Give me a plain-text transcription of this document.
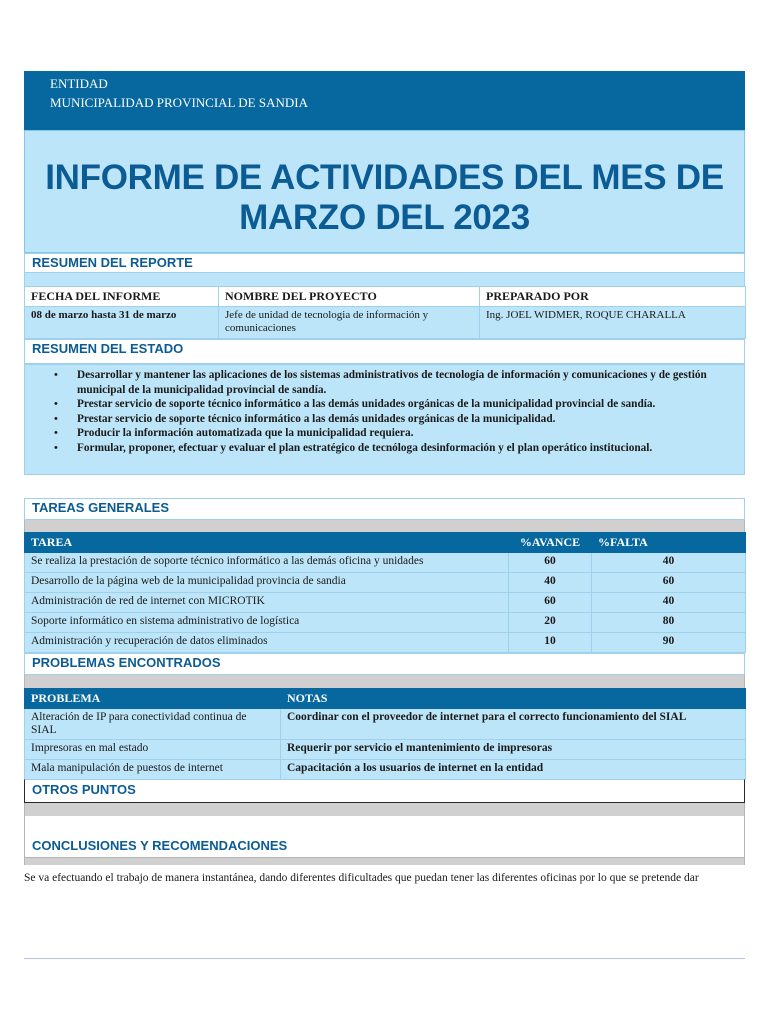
ENTIDAD
MUNICIPALIDAD PROVINCIAL DE SANDIA
INFORME DE ACTIVIDADES DEL MES DE
MARZO DEL 2023
RESUMEN DEL REPORTE
FECHA DEL INFORME	NOMBRE DEL PROYECTO	PREPARADO POR
08 de marzo hasta 31 de marzo	Jefe de unidad de tecnologia de información y comunicaciones	Ing. JOEL WIDMER, ROQUE CHARALLA
RESUMEN DEL ESTADO
• Desarrollar y mantener las aplicaciones de los sistemas administrativos de tecnología de información y comunicaciones y de gestión municipal de la municipalidad provincial de sandía.
• Prestar servicio de soporte técnico informático a las demás unidades orgánicas de la municipalidad provincial de sandía.
• Prestar servicio de soporte técnico informático a las demás unidades orgánicas de la municipalidad.
• Producir la información automatizada que la municipalidad requiera.
• Formular, proponer, efectuar y evaluar el plan estratégico de tecnóloga desinformación y el plan operático institucional.
TAREAS GENERALES
TAREA	%AVANCE	%FALTA
Se realiza la prestación de soporte técnico informático a las demás oficina y unidades	60	40
Desarrollo de la página web de la municipalidad provincia de sandia	40	60
Administración de red de internet con MICROTIK	60	40
Soporte informático en sistema administrativo de logística	20	80
Administración y recuperación de datos eliminados	10	90
PROBLEMAS ENCONTRADOS
PROBLEMA	NOTAS
Alteración de IP para conectividad continua de SIAL	Coordinar con el proveedor de internet para el correcto funcionamiento del SIAL
Impresoras en mal estado	Requerir por servicio el mantenimiento de impresoras
Mala manipulación de puestos de internet	Capacitación a los usuarios de internet en la entidad
OTROS PUNTOS
CONCLUSIONES Y RECOMENDACIONES
Se va efectuando el trabajo de manera instantánea, dando diferentes dificultades que puedan tener las diferentes oficinas por lo que se pretende dar
